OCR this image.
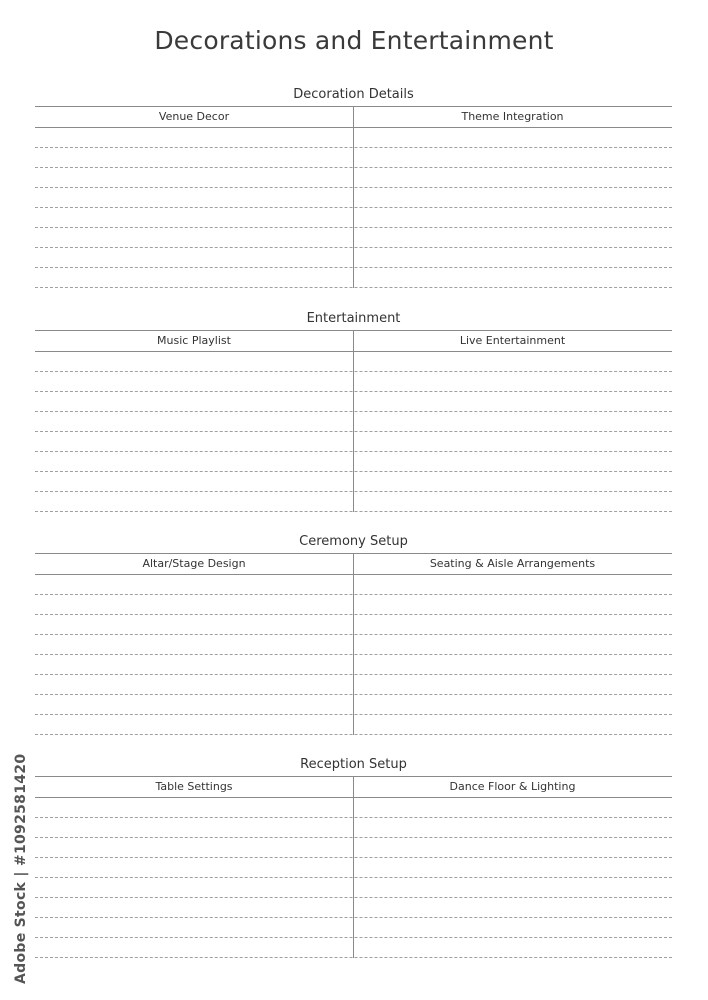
Decorations and Entertainment
Decoration Details
Venue Decor	Theme Integration
Entertainment
Music Playlist	Live Entertainment
Ceremony Setup
Altar/Stage Design	Seating & Aisle Arrangements
Reception Setup
Table Settings	Dance Floor & Lighting
Adobe Stock | #1092581420
